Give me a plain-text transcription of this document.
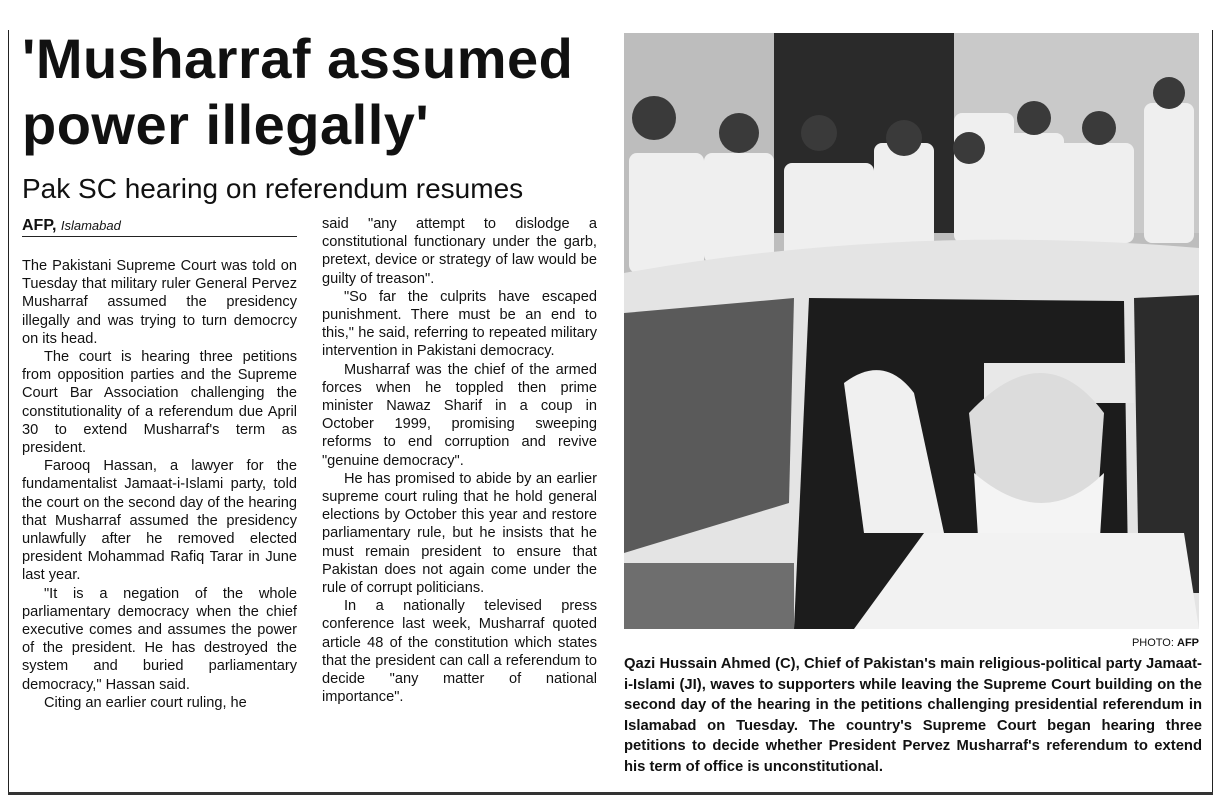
'Musharraf assumed power illegally'
Pak SC hearing on referendum resumes
AFP, Islamabad

The Pakistani Supreme Court was told on Tuesday that military ruler General Pervez Musharraf assumed the presidency illegally and was trying to turn democrcy on its head.

The court is hearing three petitions from opposition parties and the Supreme Court Bar Association challenging the constitutionality of a referendum due April 30 to extend Musharraf's term as president.

Farooq Hassan, a lawyer for the fundamentalist Jamaat-i-Islami party, told the court on the second day of the hearing that Musharraf assumed the presidency unlawfully after he removed elected president Mohammad Rafiq Tarar in June last year.

"It is a negation of the whole parliamentary democracy when the chief executive comes and assumes the power of the president. He has destroyed the system and buried parliamentary democracy," Hassan said.

Citing an earlier court ruling, he

said "any attempt to dislodge a constitutional functionary under the garb, pretext, device or strategy of law would be guilty of treason".

"So far the culprits have escaped punishment. There must be an end to this," he said, referring to repeated military intervention in Pakistani democracy.

Musharraf was the chief of the armed forces when he toppled then prime minister Nawaz Sharif in a coup in October 1999, promising sweeping reforms to end corruption and revive "genuine democracy".

He has promised to abide by an earlier supreme court ruling that he hold general elections by October this year and restore parliamentary rule, but he insists that he must remain president to ensure that Pakistan does not again come under the rule of corrupt politicians.

In a nationally televised press conference last week, Musharraf quoted article 48 of the constitution which states that the president can call a referendum to decide "any matter of national importance".

PHOTO: AFP

Qazi Hussain Ahmed (C), Chief of Pakistan's main religious-political party Jamaat-i-Islami (JI), waves to supporters while leaving the Supreme Court building on the second day of the hearing in the petitions challenging presidential referendum in Islamabad on Tuesday. The country's Supreme Court began hearing three petitions to decide whether President Pervez Musharraf's referendum to extend his term of office is unconstitutional.
